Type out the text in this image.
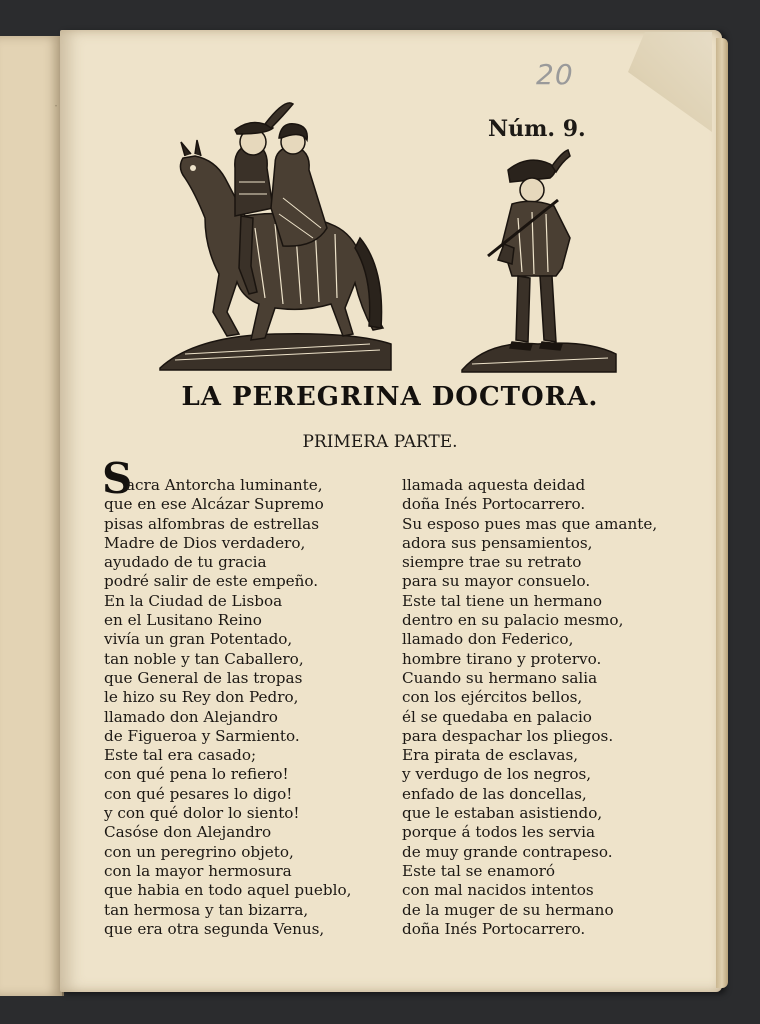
·
20
Núm. 9.
LA PEREGRINA DOCTORA.
PRIMERA PARTE.
S
acra Antorcha luminante,
que en ese Alcázar Supremo
pisas alfombras de estrellas
Madre de Dios verdadero,
ayudado de tu gracia
podré salir de este empeño.
En la Ciudad de Lisboa
en el Lusitano Reino
vivía un gran Potentado,
tan noble y tan Caballero,
que General de las tropas
le hizo su Rey don Pedro,
llamado don Alejandro
de Figueroa y Sarmiento.
Este tal era casado;
con qué pena lo refiero!
con qué pesares lo digo!
y con qué dolor lo siento!
Casóse don Alejandro
con un peregrino objeto,
con la mayor hermosura
que habia en todo aquel pueblo,
tan hermosa y tan bizarra,
que era otra segunda Venus,
llamada aquesta deidad
doña Inés Portocarrero.
Su esposo pues mas que amante,
adora sus pensamientos,
siempre trae su retrato
para su mayor consuelo.
Este tal tiene un hermano
dentro en su palacio mesmo,
llamado don Federico,
hombre tirano y protervo.
Cuando su hermano salia
con los ejércitos bellos,
él se quedaba en palacio
para despachar los pliegos.
Era pirata de esclavas,
y verdugo de los negros,
enfado de las doncellas,
que le estaban asistiendo,
porque á todos les servia
de muy grande contrapeso.
Este tal se enamoró
con mal nacidos intentos
de la muger de su hermano
doña Inés Portocarrero.
